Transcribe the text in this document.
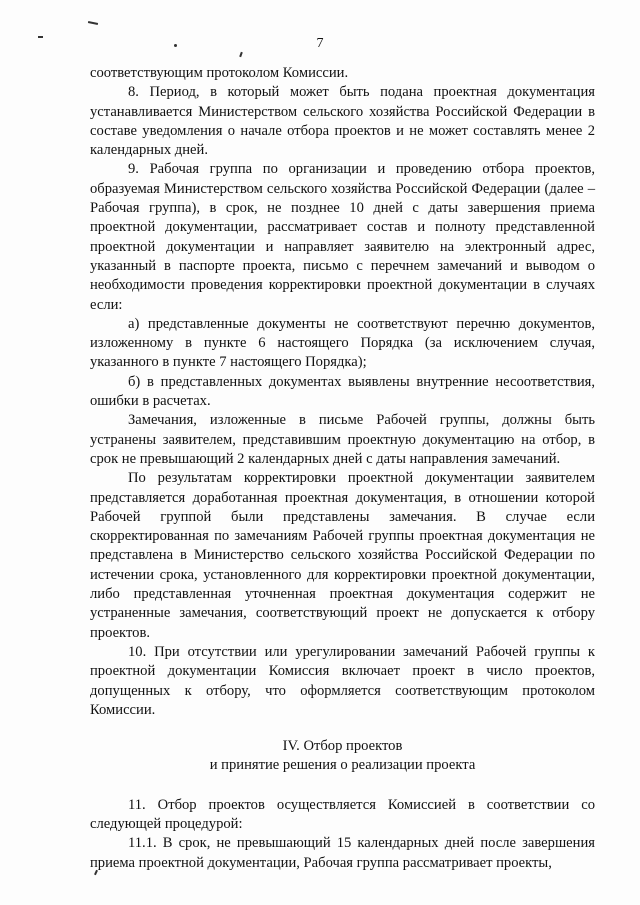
7

соответствующим протоколом Комиссии.

8. Период, в который может быть подана проектная документация устанавливается Министерством сельского хозяйства Российской Федерации в составе уведомления о начале отбора проектов и не может составлять менее 2 календарных дней.

9. Рабочая группа по организации и проведению отбора проектов, образуемая Министерством сельского хозяйства Российской Федерации (далее – Рабочая группа), в срок, не позднее 10 дней с даты завершения приема проектной документации, рассматривает состав и полноту представленной проектной документации и направляет заявителю на электронный адрес, указанный в паспорте проекта, письмо с перечнем замечаний и выводом о необходимости проведения корректировки проектной документации в случаях если:

а) представленные документы не соответствуют перечню документов, изложенному в пункте 6 настоящего Порядка (за исключением случая, указанного в пункте 7 настоящего Порядка);

б) в представленных документах выявлены внутренние несоответствия, ошибки в расчетах.

Замечания, изложенные в письме Рабочей группы, должны быть устранены заявителем, представившим проектную документацию на отбор, в срок не превышающий 2 календарных дней с даты направления замечаний.

По результатам корректировки проектной документации заявителем представляется доработанная проектная документация, в отношении которой Рабочей группой были представлены замечания. В случае если скорректированная по замечаниям Рабочей группы проектная документация не представлена в Министерство сельского хозяйства Российской Федерации по истечении срока, установленного для корректировки проектной документации, либо представленная уточненная проектная документация содержит не устраненные замечания, соответствующий проект не допускается к отбору проектов.

10. При отсутствии или урегулировании замечаний Рабочей группы к проектной документации Комиссия включает проект в число проектов, допущенных к отбору, что оформляется соответствующим протоколом Комиссии.

IV. Отбор проектов

и принятие решения о реализации проекта

11. Отбор проектов осуществляется Комиссией в соответствии со следующей процедурой:

11.1. В срок, не превышающий 15 календарных дней после завершения приема проектной документации, Рабочая группа рассматривает проекты,
